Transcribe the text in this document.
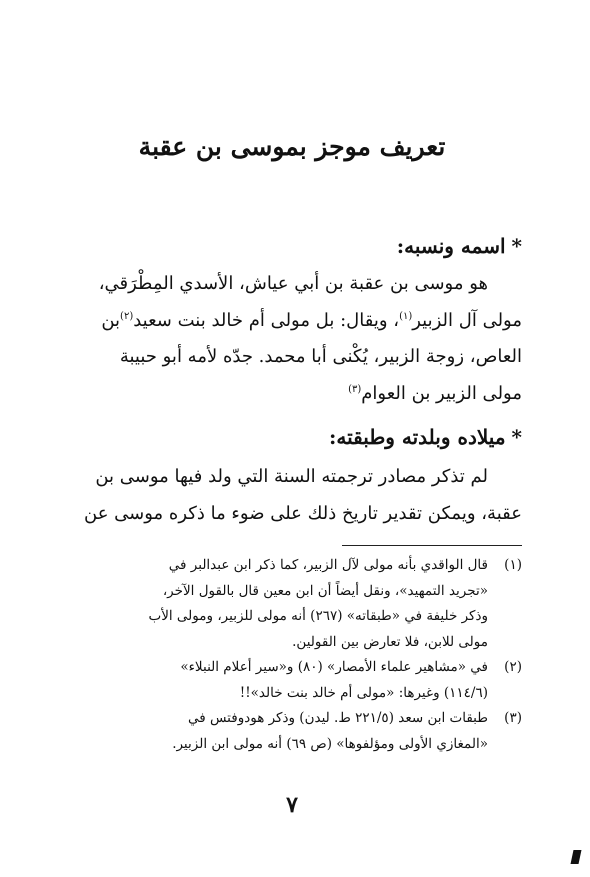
تعريف موجز بموسى بن عقبة
*اسمه ونسبه:
هو موسى بن عقبة بن أبي عياش، الأسدي المِطْرَقي،
مولى آل الزبير$^{(١)}$، ويقال: بل مولى أم خالد بنت سعيد$^{(٢)}$بن
العاص، زوجة الزبير، يُكْنى أبا محمد. جدّه لأمه أبو حبيبة
مولى الزبير بن العوام$^{(٣)}$
*ميلاده وبلدته وطبقته:
لم تذكر مصادر ترجمته السنة التي ولد فيها موسى بن
عقبة، ويمكن تقدير تاريخ ذلك على ضوء ما ذكره موسى عن
(١)
قال الواقدي بأنه مولى لآل الزبير، كما ذكر ابن عبدالبر في
«تجريد التمهيد»، ونقل أيضاً أن ابن معين قال بالقول الآخر،
وذكر خليفة في «طبقاته» (٢٦٧) أنه مولى للزبير، ومولى الأب
مولى للابن، فلا تعارض بين القولين.
(٢)
في «مشاهير علماء الأمصار» (٨٠) و«سير أعلام النبلاء»
(١١٤/٦) وغيرها: «مولى أم خالد بنت خالد»!!
(٣)
طبقات ابن سعد (٢٢١/٥ ط. ليدن) وذكر هودوفتس في
«المغازي الأولى ومؤلفوها» (ص ٦٩) أنه مولى ابن الزبير.
٧
